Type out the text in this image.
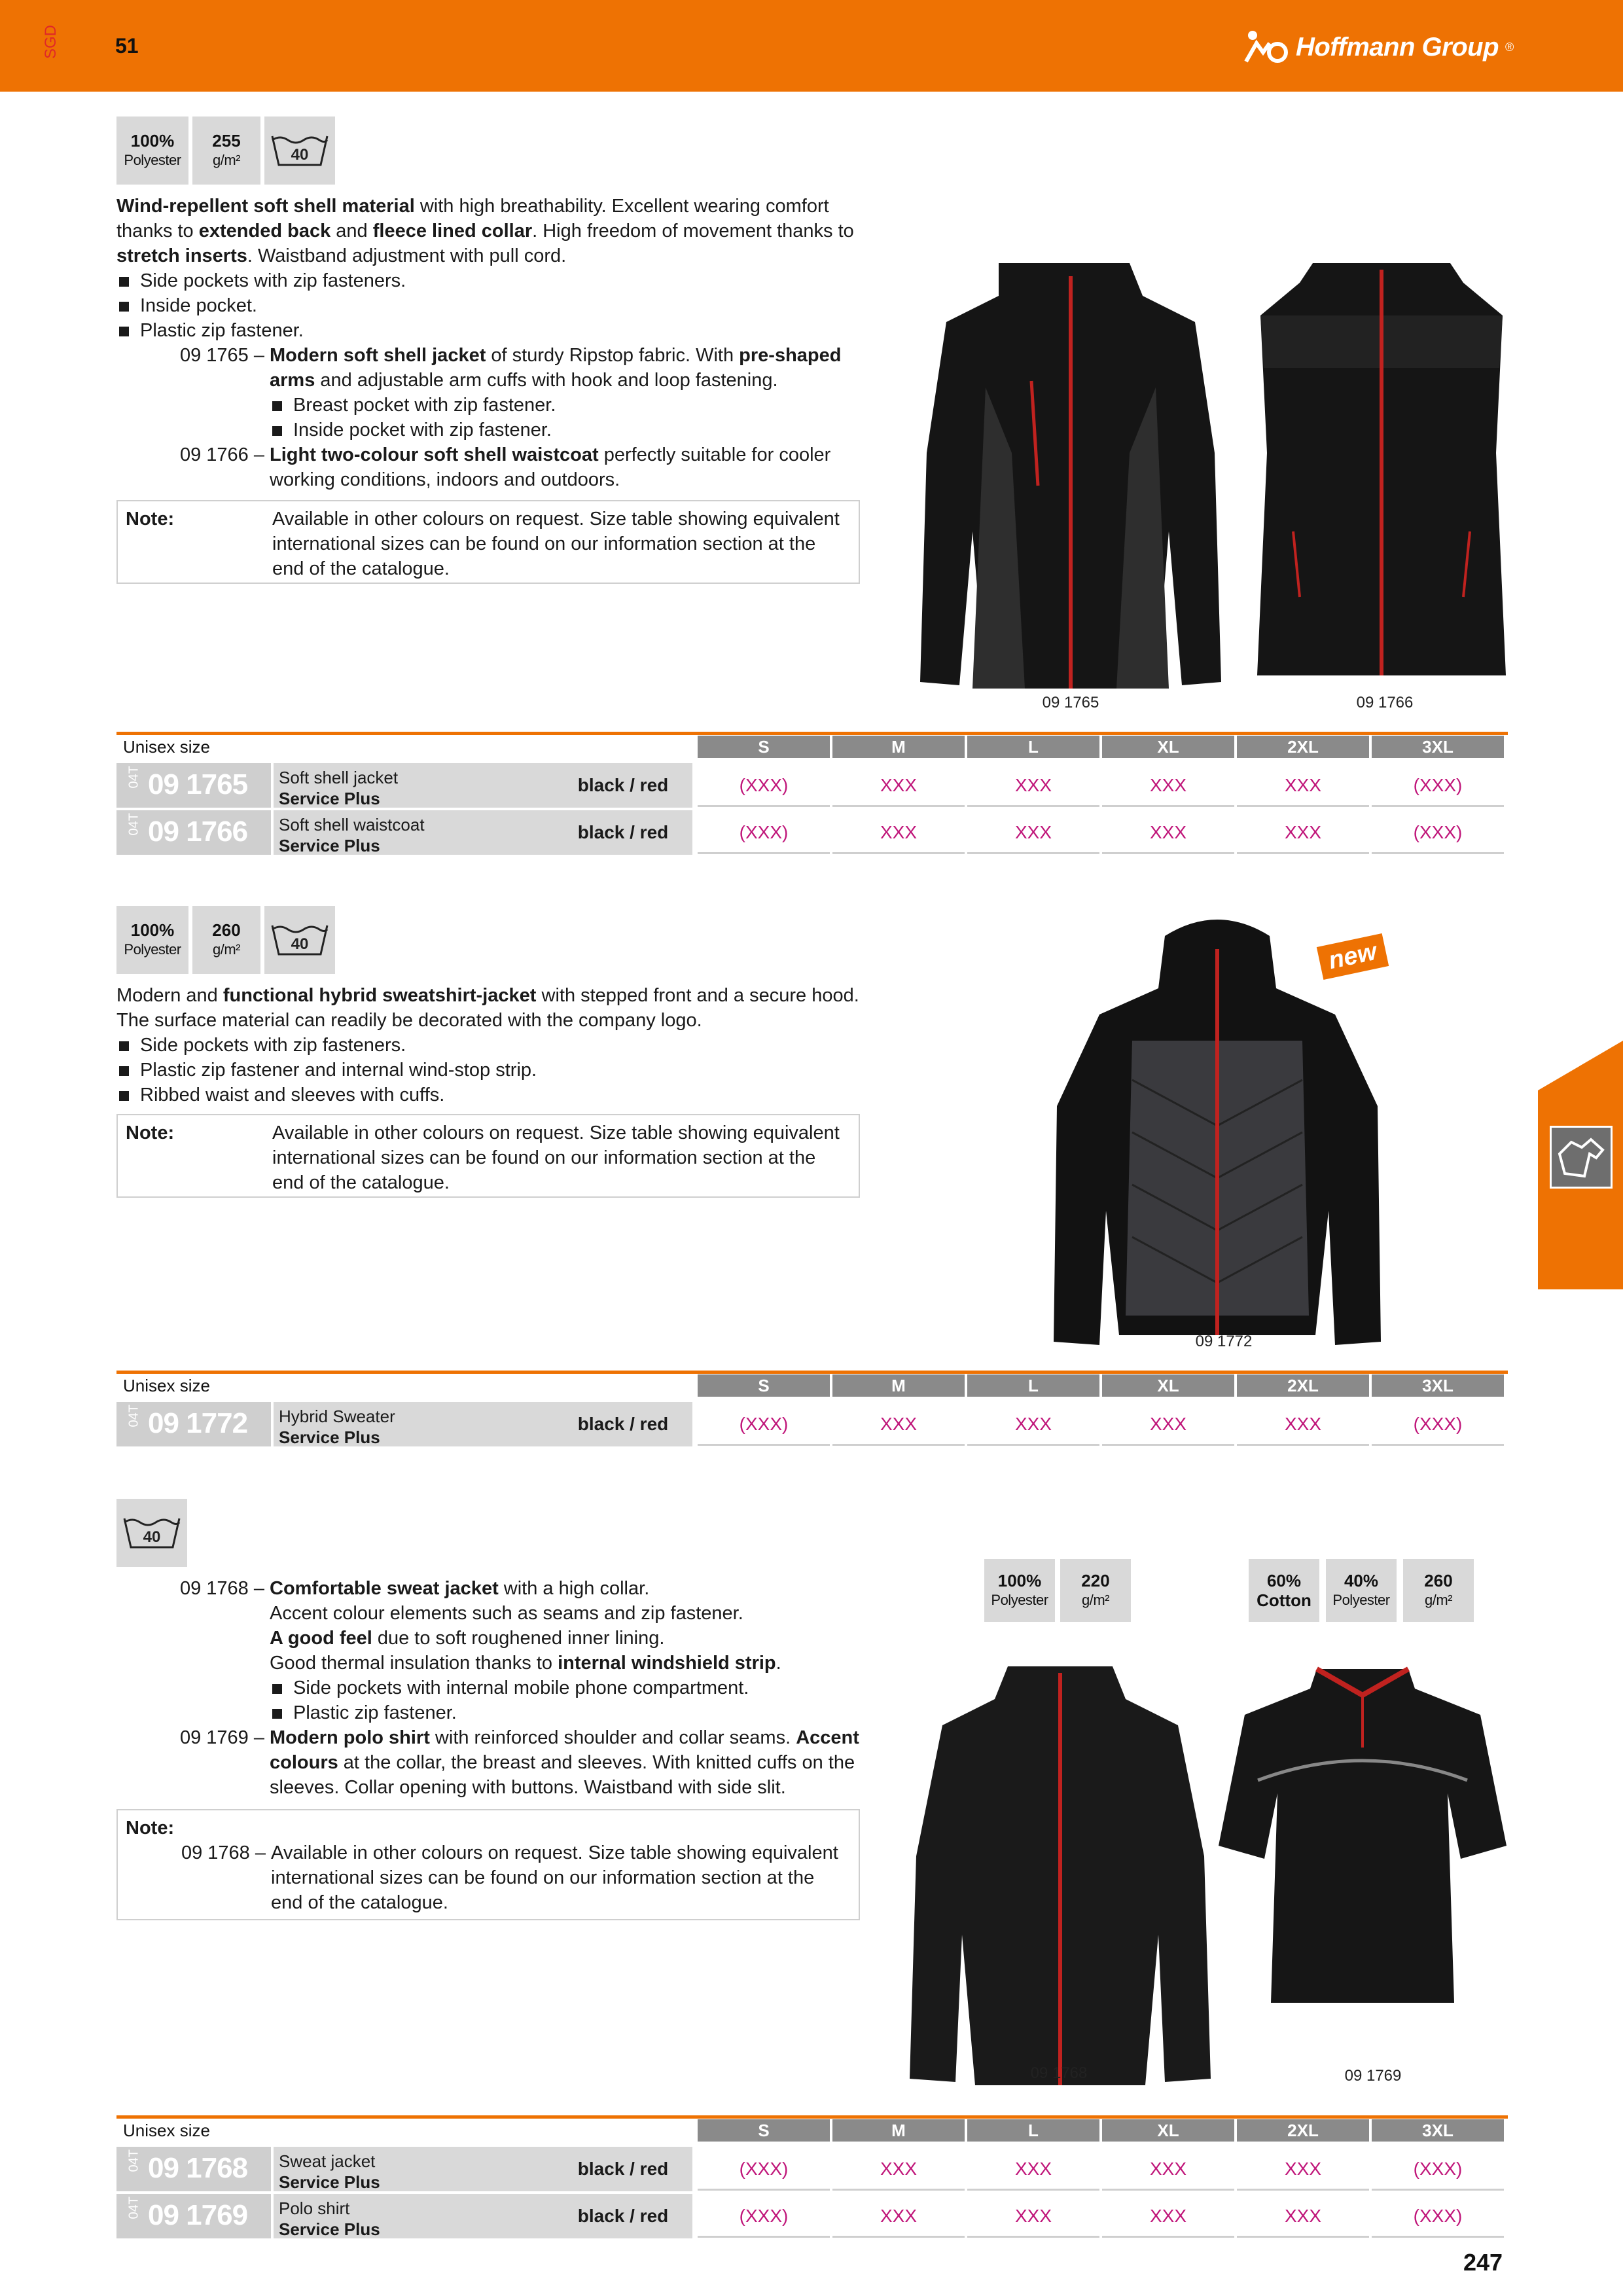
SGD	51	Hoffmann Group ®
100%
Polyester
255
g/m²	40

Wind-repellent soft shell material with high breathability. Excellent wearing comfort thanks to extended back and fleece lined collar. High freedom of movement thanks to stretch inserts. Waistband adjustment with pull cord.

Side pockets with zip fasteners.
Inside pocket.
Plastic zip fastener.
09 1765 – Modern soft shell jacket of sturdy Ripstop fabric. With pre-shaped arms and adjustable arm cuffs with hook and loop fastening.

Breast pocket with zip fastener.
Inside pocket with zip fastener.
09 1766 – Light two-colour soft shell waistcoat perfectly suitable for cooler working conditions, indoors and outdoors.

Note:	Available in other colours on request. Size table showing equivalent international sizes can be found on our information section at the end of the catalogue.
09 1765	09 1766
Unisex size	S	M	L	XL	2XL	3XL
04T 09 1765 Soft shell jacket
Service Plus
black / red	(XXX)	XXX	XXX	XXX	XXX	(XXX)
04T 09 1766 Soft shell waistcoat
Service Plus
black / red	(XXX)	XXX	XXX	XXX	XXX	(XXX)
100%
Polyester
260
g/m²	40

Modern and functional hybrid sweatshirt-jacket with stepped front and a secure hood. The surface material can readily be decorated with the company logo.

Side pockets with zip fasteners.
Plastic zip fastener and internal wind-stop strip.
Ribbed waist and sleeves with cuffs.
Note:	Available in other colours on request. Size table showing equivalent international sizes can be found on our information section at the end of the catalogue.
new
09 1772
Unisex size	S	M	L	XL	2XL	3XL
04T 09 1772 Hybrid Sweater
Service Plus
black / red	(XXX)	XXX	XXX	XXX	XXX	(XXX)
40
09 1768 – Comfortable sweat jacket with a high collar.

Accent colour elements such as seams and zip fastener.

A good feel due to soft roughened inner lining.

Good thermal insulation thanks to internal windshield strip.

Side pockets with internal mobile phone compartment.
Plastic zip fastener.
09 1769 – Modern polo shirt with reinforced shoulder and collar seams. Accent colours at the collar, the breast and sleeves. With knitted cuffs on the sleeves. Collar opening with buttons. Waistband with side slit.

Note:
09 1768 – Available in other colours on request. Size table showing equivalent international sizes can be found on our information section at the end of the catalogue.
100%
Polyester
220
g/m²
60%
Cotton
40%
Polyester
260
g/m²
09 1768	09 1769
Unisex size	S	M	L	XL	2XL	3XL
04T 09 1768 Sweat jacket
Service Plus
black / red	(XXX)	XXX	XXX	XXX	XXX	(XXX)
04T 09 1769 Polo shirt
Service Plus
black / red	(XXX)	XXX	XXX	XXX	XXX	(XXX)
247
